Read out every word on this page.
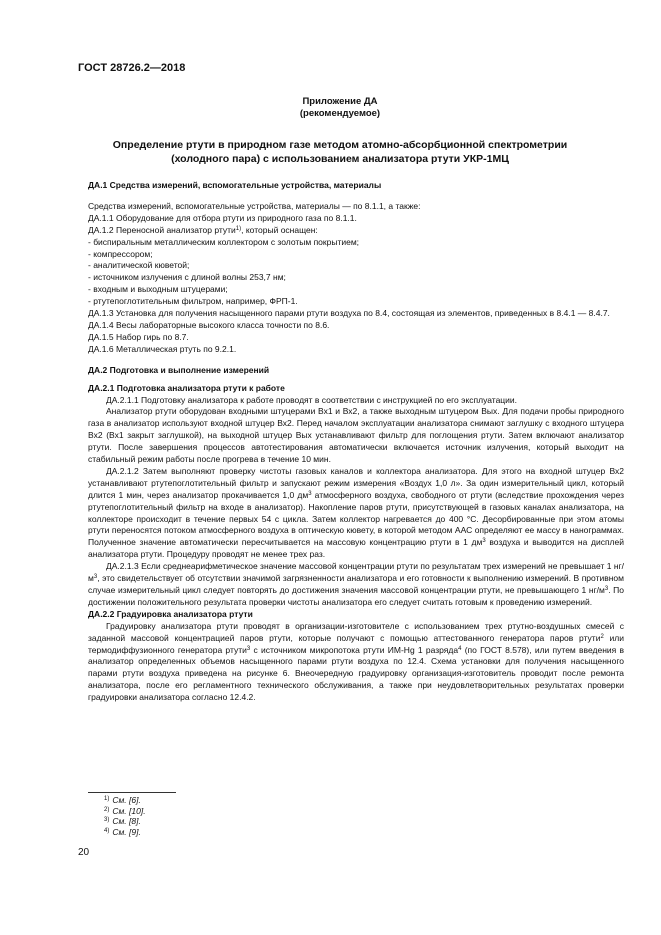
ГОСТ 28726.2—2018
Приложение ДА
(рекомендуемое)
Определение ртути в природном газе методом атомно-абсорбционной спектрометрии
(холодного пара) с использованием анализатора ртути УКР-1МЦ

ДА.1 Средства измерений, вспомогательные устройства, материалы

Средства измерений, вспомогательные устройства, материалы — по 8.1.1, а также:

ДА.1.1 Оборудование для отбора ртути из природного газа по 8.1.1.

ДА.1.2 Переносной анализатор ртути$^{1)}$, который оснащен:

- биспиральным металлическим коллектором с золотым покрытием;

- компрессором;

- аналитической кюветой;

- источником излучения с длиной волны 253,7 нм;

- входным и выходным штуцерами;

- ртутепоглотительным фильтром, например, ФРП-1.

ДА.1.3 Установка для получения насыщенного парами ртути воздуха по 8.4, состоящая из элементов, приведенных в 8.4.1 — 8.4.7.

ДА.1.4 Весы лабораторные высокого класса точности по 8.6.

ДА.1.5 Набор гирь по 8.7.

ДА.1.6 Металлическая ртуть по 9.2.1.

ДА.2 Подготовка и выполнение измерений

ДА.2.1 Подготовка анализатора ртути к работе

ДА.2.1.1 Подготовку анализатора к работе проводят в соответствии с инструкцией по его эксплуатации.

Анализатор ртути оборудован входными штуцерами Вх1 и Вх2, а также выходным штуцером Вых. Для подачи пробы природного газа в анализатор используют входной штуцер Вх2. Перед началом эксплуатации анализатора снимают заглушку с входного штуцера Вх2 (Вх1 закрыт заглушкой), на выходной штуцер Вых устанавливают фильтр для поглощения ртути. Затем включают анализатор ртути. После завершения процессов автотестирования автоматически включается источник излучения, который выходит на стабильный режим работы после прогрева в течение 10 мин.

ДА.2.1.2 Затем выполняют проверку чистоты газовых каналов и коллектора анализатора. Для этого на входной штуцер Вх2 устанавливают ртутепоглотительный фильтр и запускают режим измерения «Воздух 1,0 л». За один измерительный цикл, который длится 1 мин, через анализатор прокачивается 1,0 $дм^3$ атмосферного воздуха, свободного от ртути (вследствие прохождения через ртутепоглотительный фильтр на входе в анализатор). Накопление паров ртути, присутствующей в газовых каналах анализатора, на коллекторе происходит в течение первых 54 с цикла. Затем коллектор нагревается до 400 °С. Десорбированные при этом атомы ртути переносятся потоком атмосферного воздуха в оптическую кювету, в которой методом ААС определяют ее массу в нанограммах. Полученное значение автоматически пересчитывается на массовую концентрацию ртути в 1 $дм^3$ воздуха и выводится на дисплей анализатора ртути. Процедуру проводят не менее трех раз.

ДА.2.1.3 Если среднеарифметическое значение массовой концентрации ртути по результатам трех измерений не превышает 1 $нг/м^3$, это свидетельствует об отсутствии значимой загрязненности анализатора и его готовности к выполнению измерений. В противном случае измерительный цикл следует повторять до достижения значения массовой концентрации ртути, не превышающего 1 $нг/м^3$. По достижении положительного результата проверки чистоты анализатора его следует считать готовым к проведению измерений.

ДА.2.2 Градуировка анализатора ртути

Градуировку анализатора ртути проводят в организации-изготовителе с использованием трех ртутно-воздушных смесей с заданной массовой концентрацией паров ртути, которые получают с помощью аттестованного генератора паров ртути$^2$ или термодиффузионного генератора ртути$^3$ с источником микропотока ртути ИМ-Hg 1 разряда$^4$ (по ГОСТ 8.578), или путем введения в анализатор определенных объемов насыщенного парами ртути воздуха по 12.4. Схема установки для получения насыщенного парами ртути воздуха приведена на рисунке 6. Внеочередную градуировку организация-изготовитель проводит после ремонта анализатора, после его регламентного технического обслуживания, а также при неудовлетворительных результатах проверки градуировки анализатора согласно 12.4.2.

$^{1)}$ См. [6].
$^{2)}$ См. [10].
$^{3)}$ См. [8].
$^{4)}$ См. [9].
20
